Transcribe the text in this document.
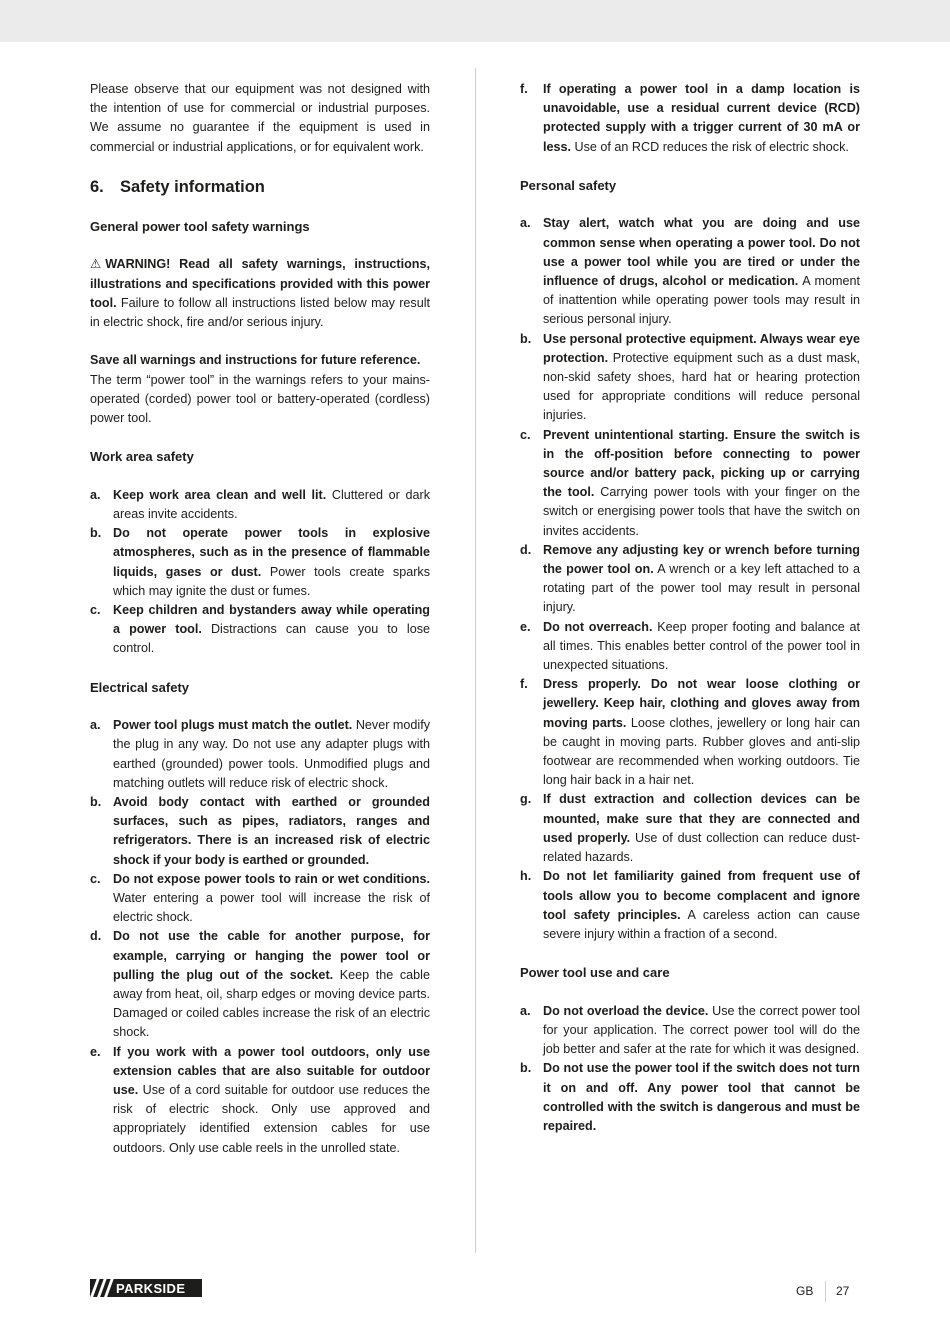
Please observe that our equipment was not designed with the intention of use for commercial or industrial purposes. We assume no guarantee if the equipment is used in commercial or industrial applications, or for equivalent work.

6. Safety information
General power tool safety warnings

⚠ WARNING! Read all safety warnings, instructions, illustrations and specifications provided with this power tool. Failure to follow all instructions listed below may result in electric shock, fire and/or serious injury.

Save all warnings and instructions for future reference.

The term “power tool” in the warnings refers to your mains-operated (corded) power tool or battery-operated (cordless) power tool.

Work area safety
a. Keep work area clean and well lit. Cluttered or dark areas invite accidents.
b. Do not operate power tools in explosive atmospheres, such as in the presence of flammable liquids, gases or dust. Power tools create sparks which may ignite the dust or fumes.
c. Keep children and bystanders away while operating a power tool. Distractions can cause you to lose control.
Electrical safety
a. Power tool plugs must match the outlet. Never modify the plug in any way. Do not use any adapter plugs with earthed (grounded) power tools. Unmodified plugs and matching outlets will reduce risk of electric shock.
b. Avoid body contact with earthed or grounded surfaces, such as pipes, radiators, ranges and refrigerators. There is an increased risk of electric shock if your body is earthed or grounded.
c. Do not expose power tools to rain or wet conditions. Water entering a power tool will increase the risk of electric shock.
d. Do not use the cable for another purpose, for example, carrying or hanging the power tool or pulling the plug out of the socket. Keep the cable away from heat, oil, sharp edges or moving device parts. Damaged or coiled cables increase the risk of an electric shock.
e. If you work with a power tool outdoors, only use extension cables that are also suitable for outdoor use. Use of a cord suitable for outdoor use reduces the risk of electric shock. Only use approved and appropriately identified extension cables for use outdoors. Only use cable reels in the unrolled state.
f. If operating a power tool in a damp location is unavoidable, use a residual current device (RCD) protected supply with a trigger current of 30 mA or less. Use of an RCD reduces the risk of electric shock.
Personal safety
a. Stay alert, watch what you are doing and use common sense when operating a power tool. Do not use a power tool while you are tired or under the influence of drugs, alcohol or medication. A moment of inattention while operating power tools may result in serious personal injury.
b. Use personal protective equipment. Always wear eye protection. Protective equipment such as a dust mask, non-skid safety shoes, hard hat or hearing protection used for appropriate conditions will reduce personal injuries.
c. Prevent unintentional starting. Ensure the switch is in the off-position before connecting to power source and/or battery pack, picking up or carrying the tool. Carrying power tools with your finger on the switch or energising power tools that have the switch on invites accidents.
d. Remove any adjusting key or wrench before turning the power tool on. A wrench or a key left attached to a rotating part of the power tool may result in personal injury.
e. Do not overreach. Keep proper footing and balance at all times. This enables better control of the power tool in unexpected situations.
f. Dress properly. Do not wear loose clothing or jewellery. Keep hair, clothing and gloves away from moving parts. Loose clothes, jewellery or long hair can be caught in moving parts. Rubber gloves and anti-slip footwear are recommended when working outdoors. Tie long hair back in a hair net.
g. If dust extraction and collection devices can be mounted, make sure that they are connected and used properly. Use of dust collection can reduce dust-related hazards.
h. Do not let familiarity gained from frequent use of tools allow you to become complacent and ignore tool safety principles. A careless action can cause severe injury within a fraction of a second.
Power tool use and care
a. Do not overload the device. Use the correct power tool for your application. The correct power tool will do the job better and safer at the rate for which it was designed.
b. Do not use the power tool if the switch does not turn it on and off. Any power tool that cannot be controlled with the switch is dangerous and must be repaired.
PARKSIDE	GB 27
